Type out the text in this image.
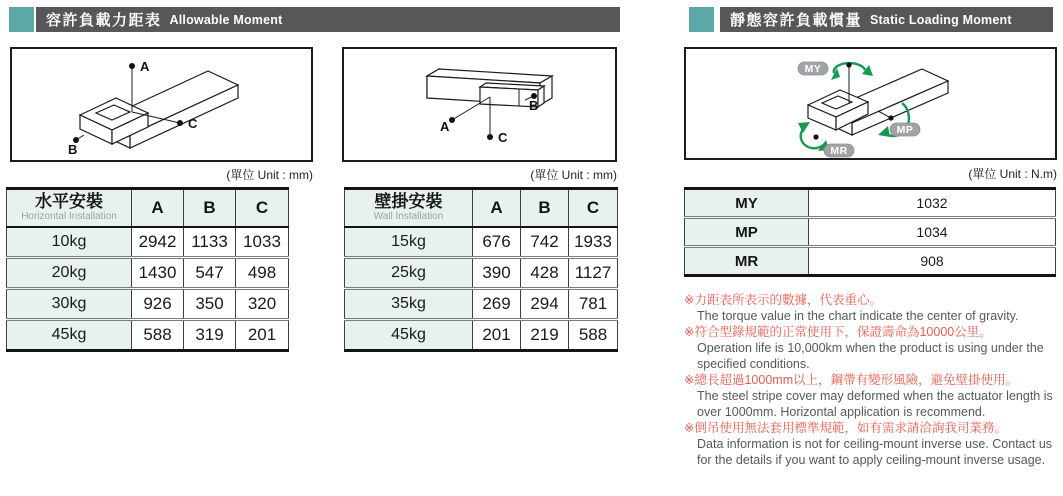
容許負載力距表 Allowable Moment	靜態容許負載慣量 Static Loading Moment
A
C
B
A
C
B
MY
MP
MR
(單位 Unit : mm)	(單位 Unit : mm)	(單位 Unit : N.m)
水平安裝
Horizontal Installation	A	B	C
10kg	2942	1133	1033
20kg	1430	547	498
30kg	926	350	320
45kg	588	319	201
壁掛安裝
Wall Installation	A	B	C
15kg	676	742	1933
25kg	390	428	1127
35kg	269	294	781
45kg	201	219	588
MY	1032
MP	1034
MR	908

※力距表所表示的數據，代表重心。

The torque value in the chart indicate the center of gravity.

※符合型錄規範的正常使用下，保證壽命為10000公里。

Operation life is 10,000km when the product is using under the specified conditions.

※總長超過1000mm以上，鋼帶有變形風險，避免壁掛使用。

The steel stripe cover may deformed when the actuator length is over 1000mm. Horizontal application is recommend.

※倒吊使用無法套用標準規範，如有需求請洽詢我司業務。

Data information is not for ceiling-mount inverse use. Contact us for the details if you want to apply ceiling-mount inverse usage.
